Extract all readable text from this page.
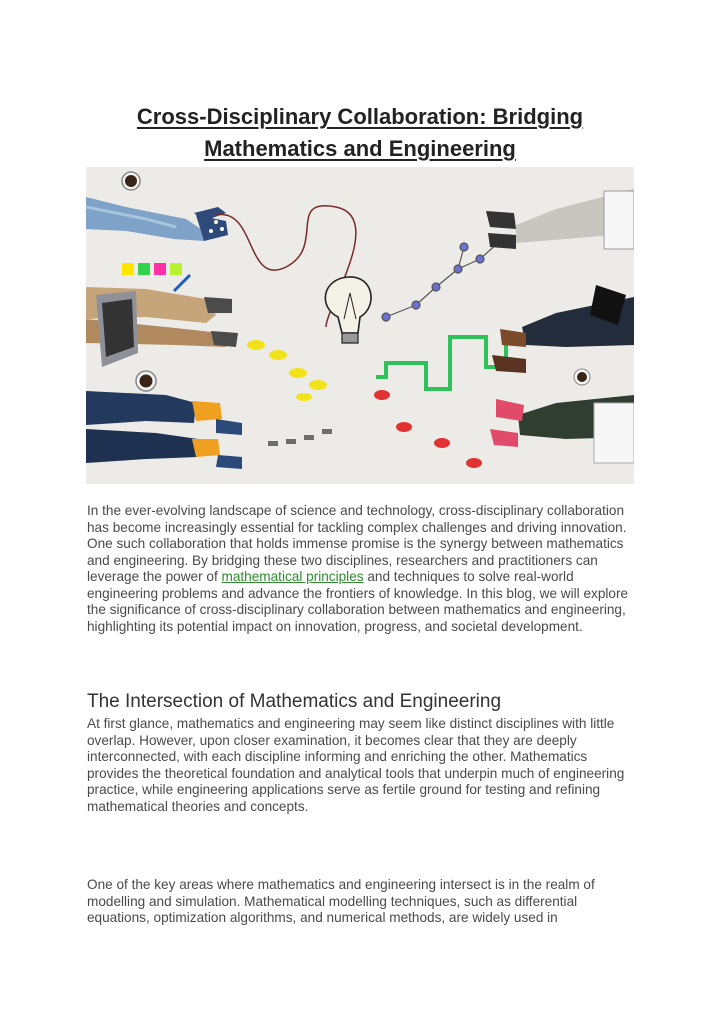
Cross-Disciplinary Collaboration: Bridging
Mathematics and Engineering

In the ever-evolving landscape of science and technology, cross-disciplinary collaboration has become increasingly essential for tackling complex challenges and driving innovation. One such collaboration that holds immense promise is the synergy between mathematics and engineering. By bridging these two disciplines, researchers and practitioners can leverage the power of mathematical principles and techniques to solve real-world engineering problems and advance the frontiers of knowledge. In this blog, we will explore the significance of cross-disciplinary collaboration between mathematics and engineering, highlighting its potential impact on innovation, progress, and societal development.

The Intersection of Mathematics and Engineering

At first glance, mathematics and engineering may seem like distinct disciplines with little overlap. However, upon closer examination, it becomes clear that they are deeply interconnected, with each discipline informing and enriching the other. Mathematics provides the theoretical foundation and analytical tools that underpin much of engineering practice, while engineering applications serve as fertile ground for testing and refining mathematical theories and concepts.

One of the key areas where mathematics and engineering intersect is in the realm of modelling and simulation. Mathematical modelling techniques, such as differential equations, optimization algorithms, and numerical methods, are widely used in
